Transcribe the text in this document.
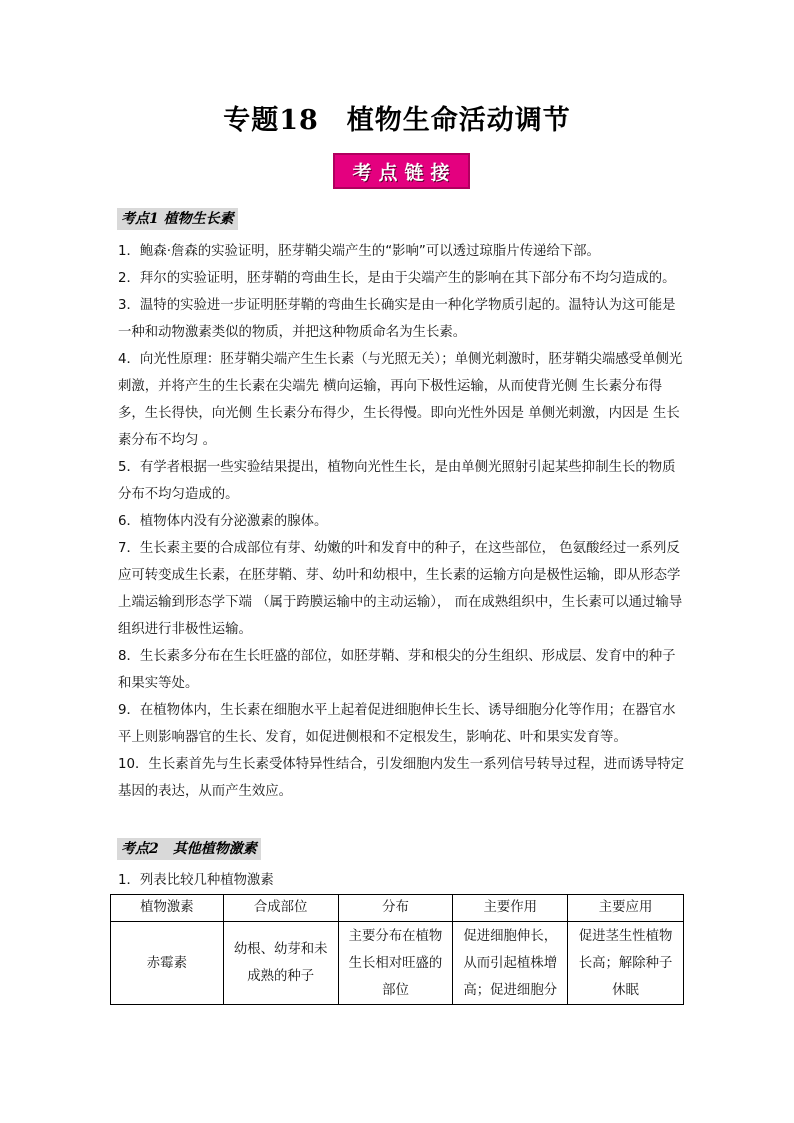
专题18　植物生命活动调节
考点链接
考点1 植物生长素

1．鲍森·詹森的实验证明，胚芽鞘尖端产生的“影响”可以透过琼脂片传递给下部。

2．拜尔的实验证明，胚芽鞘的弯曲生长，是由于尖端产生的影响在其下部分布不均匀造成的。

3．温特的实验进一步证明胚芽鞘的弯曲生长确实是由一种化学物质引起的。温特认为这可能是一种和动物激素类似的物质，并把这种物质命名为生长素。

4．向光性原理：胚芽鞘尖端产生生长素（与光照无关）；单侧光刺激时，胚芽鞘尖端感受单侧光刺激，并将产生的生长素在尖端先 横向运输，再向下极性运输，从而使背光侧 生长素分布得多，生长得快，向光侧 生长素分布得少，生长得慢。即向光性外因是 单侧光刺激，内因是 生长素分布不均匀 。

5．有学者根据一些实验结果提出，植物向光性生长，是由单侧光照射引起某些抑制生长的物质分布不均匀造成的。

6．植物体内没有分泌激素的腺体。

7．生长素主要的合成部位有芽、幼嫩的叶和发育中的种子，在这些部位， 色氨酸经过一系列反应可转变成生长素，在胚芽鞘、芽、幼叶和幼根中，生长素的运输方向是极性运输，即从形态学上端运输到形态学下端 （属于跨膜运输中的主动运输）， 而在成熟组织中，生长素可以通过输导组织进行非极性运输。

8．生长素多分布在生长旺盛的部位，如胚芽鞘、芽和根尖的分生组织、形成层、发育中的种子和果实等处。

9．在植物体内，生长素在细胞水平上起着促进细胞伸长生长、诱导细胞分化等作用；在器官水平上则影响器官的生长、发育，如促进侧根和不定根发生，影响花、叶和果实发育等。

10．生长素首先与生长素受体特异性结合，引发细胞内发生一系列信号转导过程，进而诱导特定基因的表达，从而产生效应。

考点2　其他植物激素
1．列表比较几种植物激素
植物激素	合成部位	分布	主要作用	主要应用
赤霉素	幼根、幼芽和未成熟的种子	主要分布在植物生长相对旺盛的部位	促进细胞伸长，从而引起植株增高；促进细胞分	促进茎生性植物长高；解除种子休眠
